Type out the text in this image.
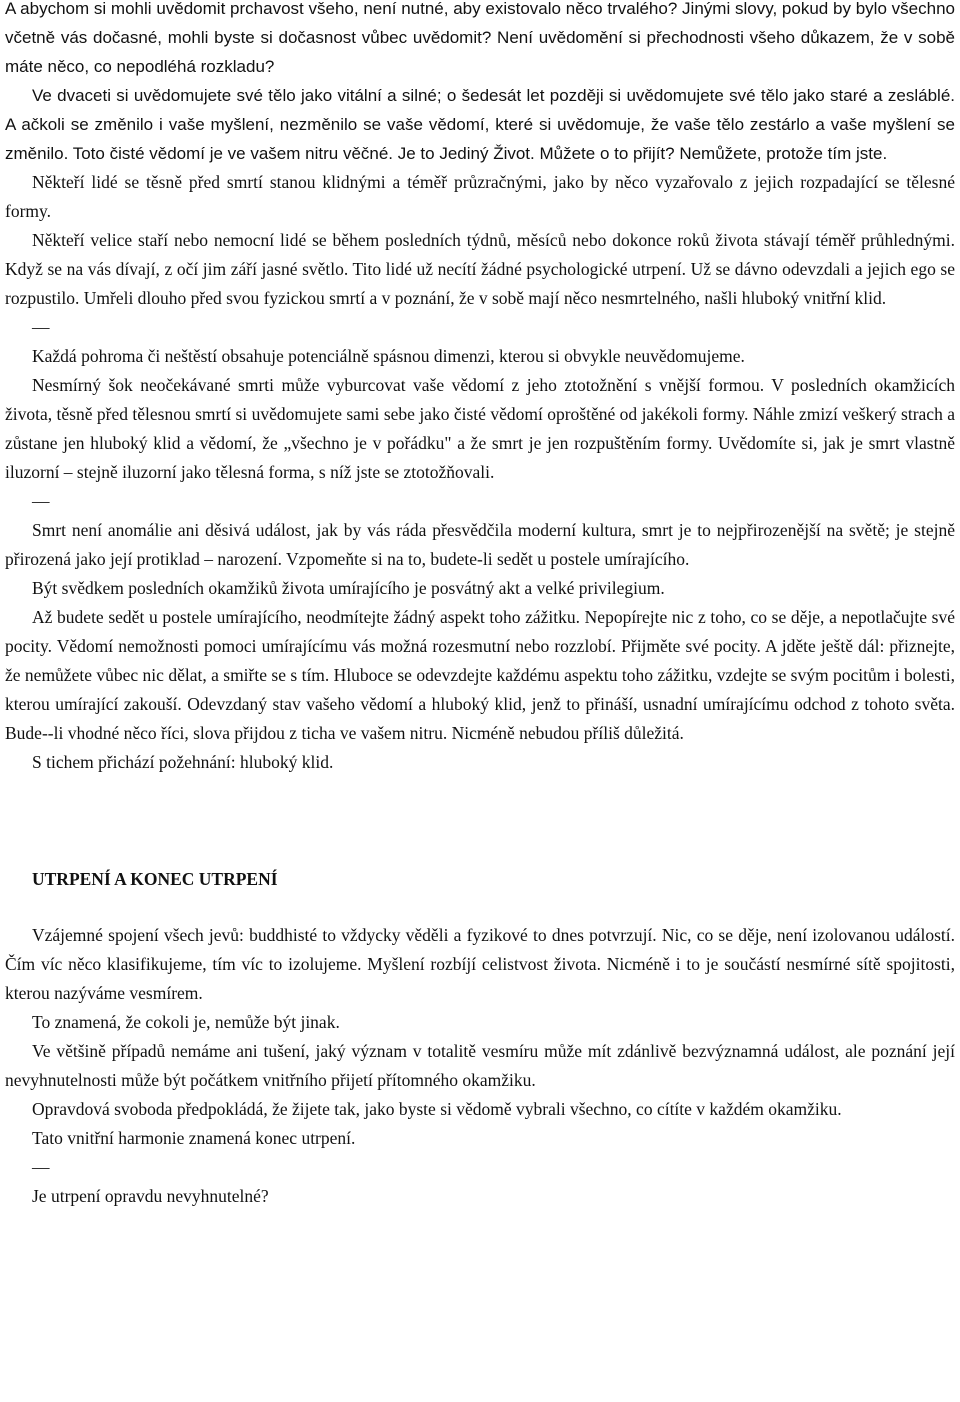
A abychom si mohli uvědomit prchavost všeho, není nutné, aby existovalo něco trvalého? Jinými slovy, pokud by bylo všechno včetně vás dočasné, mohli byste si dočasnost vůbec uvědomit? Není uvědomění si přechodnosti všeho důkazem, že v sobě máte něco, co nepodléhá rozkladu?

Ve dvaceti si uvědomujete své tělo jako vitální a silné; o šedesát let později si uvědomujete své tělo jako staré a zesláblé. A ačkoli se změnilo i vaše myšlení, nezměnilo se vaše vědomí, které si uvědomuje, že vaše tělo zestárlo a vaše myšlení se změnilo. Toto čisté vědomí je ve vašem nitru věčné. Je to Jediný Život. Můžete o to přijít? Nemůžete, protože tím jste.

Někteří lidé se těsně před smrtí stanou klidnými a téměř průzračnými, jako by něco vyzařovalo z jejich rozpadající se tělesné formy.

Někteří velice staří nebo nemocní lidé se během posledních týdnů, měsíců nebo dokonce roků života stávají téměř průhlednými. Když se na vás dívají, z očí jim září jasné světlo. Tito lidé už necítí žádné psychologické utrpení. Už se dávno odevzdali a jejich ego se rozpustilo. Umřeli dlouho před svou fyzickou smrtí a v poznání, že v sobě mají něco nesmrtelného, našli hluboký vnitřní klid.

—

Každá pohroma či neštěstí obsahuje potenciálně spásnou dimenzi, kterou si obvykle neuvědomujeme.

Nesmírný šok neočekávané smrti může vyburcovat vaše vědomí z jeho ztotožnění s vnější formou. V posledních okamžicích života, těsně před tělesnou smrtí si uvědomujete sami sebe jako čisté vědomí oproštěné od jakékoli formy. Náhle zmizí veškerý strach a zůstane jen hluboký klid a vědomí, že „všechno je v pořádku" a že smrt je jen rozpuštěním formy. Uvědomíte si, jak je smrt vlastně iluzorní – stejně iluzorní jako tělesná forma, s níž jste se ztotožňovali.

—

Smrt není anomálie ani děsivá událost, jak by vás ráda přesvědčila moderní kultura, smrt je to nejpřirozenější na světě; je stejně přirozená jako její protiklad – narození. Vzpomeňte si na to, budete-li sedět u postele umírajícího.

Být svědkem posledních okamžiků života umírajícího je posvátný akt a velké privilegium.

Až budete sedět u postele umírajícího, neodmítejte žádný aspekt toho zážitku. Nepopírejte nic z toho, co se děje, a nepotlačujte své pocity. Vědomí nemožnosti pomoci umírajícímu vás možná rozesmutní nebo rozzlobí. Přijměte své pocity. A jděte ještě dál: přiznejte, že nemůžete vůbec nic dělat, a smiřte se s tím. Hluboce se odevzdejte každému aspektu toho zážitku, vzdejte se svým pocitům i bolesti, kterou umírající zakouší. Odevzdaný stav vašeho vědomí a hluboký klid, jenž to přináší, usnadní umírajícímu odchod z tohoto světa. Bude--li vhodné něco říci, slova přijdou z ticha ve vašem nitru. Nicméně nebudou příliš důležitá.

S tichem přichází požehnání: hluboký klid.

UTRPENÍ A KONEC UTRPENÍ

Vzájemné spojení všech jevů: buddhisté to vždycky věděli a fyzikové to dnes potvrzují. Nic, co se děje, není izolovanou událostí. Čím víc něco klasifikujeme, tím víc to izolujeme. Myšlení rozbíjí celistvost života. Nicméně i to je součástí nesmírné sítě spojitosti, kterou nazýváme vesmírem.

To znamená, že cokoli je, nemůže být jinak.

Ve většině případů nemáme ani tušení, jaký význam v totalitě vesmíru může mít zdánlivě bezvýznamná událost, ale poznání její nevyhnutelnosti může být počátkem vnitřního přijetí přítomného okamžiku.

Opravdová svoboda předpokládá, že žijete tak, jako byste si vědomě vybrali všechno, co cítíte v každém okamžiku.

Tato vnitřní harmonie znamená konec utrpení.

—

Je utrpení opravdu nevyhnutelné?
